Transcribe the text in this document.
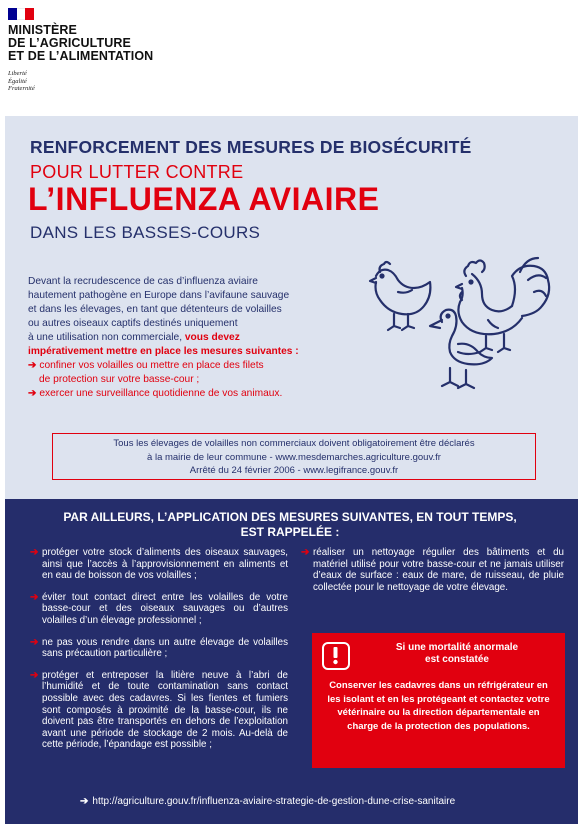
MINISTÈRE
DE L’AGRICULTURE
ET DE L’ALIMENTATION
Liberté
Égalité
Fraternité
RENFORCEMENT DES MESURES DE BIOSÉCURITÉ
POUR LUTTER CONTRE
L’INFLUENZA AVIAIRE
DANS LES BASSES-COURS
Devant la recrudescence de cas d’influenza aviaire
hautement pathogène en Europe dans l’avifaune sauvage
et dans les élevages, en tant que détenteurs de volailles
ou autres oiseaux captifs destinés uniquement
à une utilisation non commerciale, vous devez
impérativement mettre en place les mesures suivantes :
➔ confiner vos volailles ou mettre en place des filets
de protection sur votre basse-cour ;
➔ exercer une surveillance quotidienne de vos animaux.
Tous les élevages de volailles non commerciaux doivent obligatoirement être déclarés
à la mairie de leur commune - www.mesdemarches.agriculture.gouv.fr
Arrêté du 24 février 2006 - www.legifrance.gouv.fr
PAR AILLEURS, L’APPLICATION DES MESURES SUIVANTES, EN TOUT TEMPS,
EST RAPPELÉE :
➔ protéger votre stock d’aliments des oiseaux sauvages, ainsi que l’accès à l’approvisionnement en aliments et en eau de boisson de vos volailles ;
➔ éviter tout contact direct entre les volailles de votre basse-cour et des oiseaux sauvages ou d’autres volailles d’un élevage professionnel ;
➔ ne pas vous rendre dans un autre élevage de volailles sans précaution particulière ;
➔ protéger et entreposer la litière neuve à l’abri de l’humidité et de toute contamination sans contact possible avec des cadavres. Si les fientes et fumiers sont composés à proximité de la basse-cour, ils ne doivent pas être transportés en dehors de l’exploitation avant une période de stockage de 2 mois. Au-delà de cette période, l’épandage est possible ;
➔ réaliser un nettoyage régulier des bâtiments et du matériel utilisé pour votre basse-cour et ne jamais utiliser d’eaux de surface : eaux de mare, de ruisseau, de pluie collectée pour le nettoyage de votre élevage.
Si une mortalité anormale
est constatée
Conserver les cadavres dans un réfrigérateur en les isolant et en les protégeant et contactez votre vétérinaire ou la direction départementale en charge de la protection des populations.
➔ http://agriculture.gouv.fr/influenza-aviaire-strategie-de-gestion-dune-crise-sanitaire
